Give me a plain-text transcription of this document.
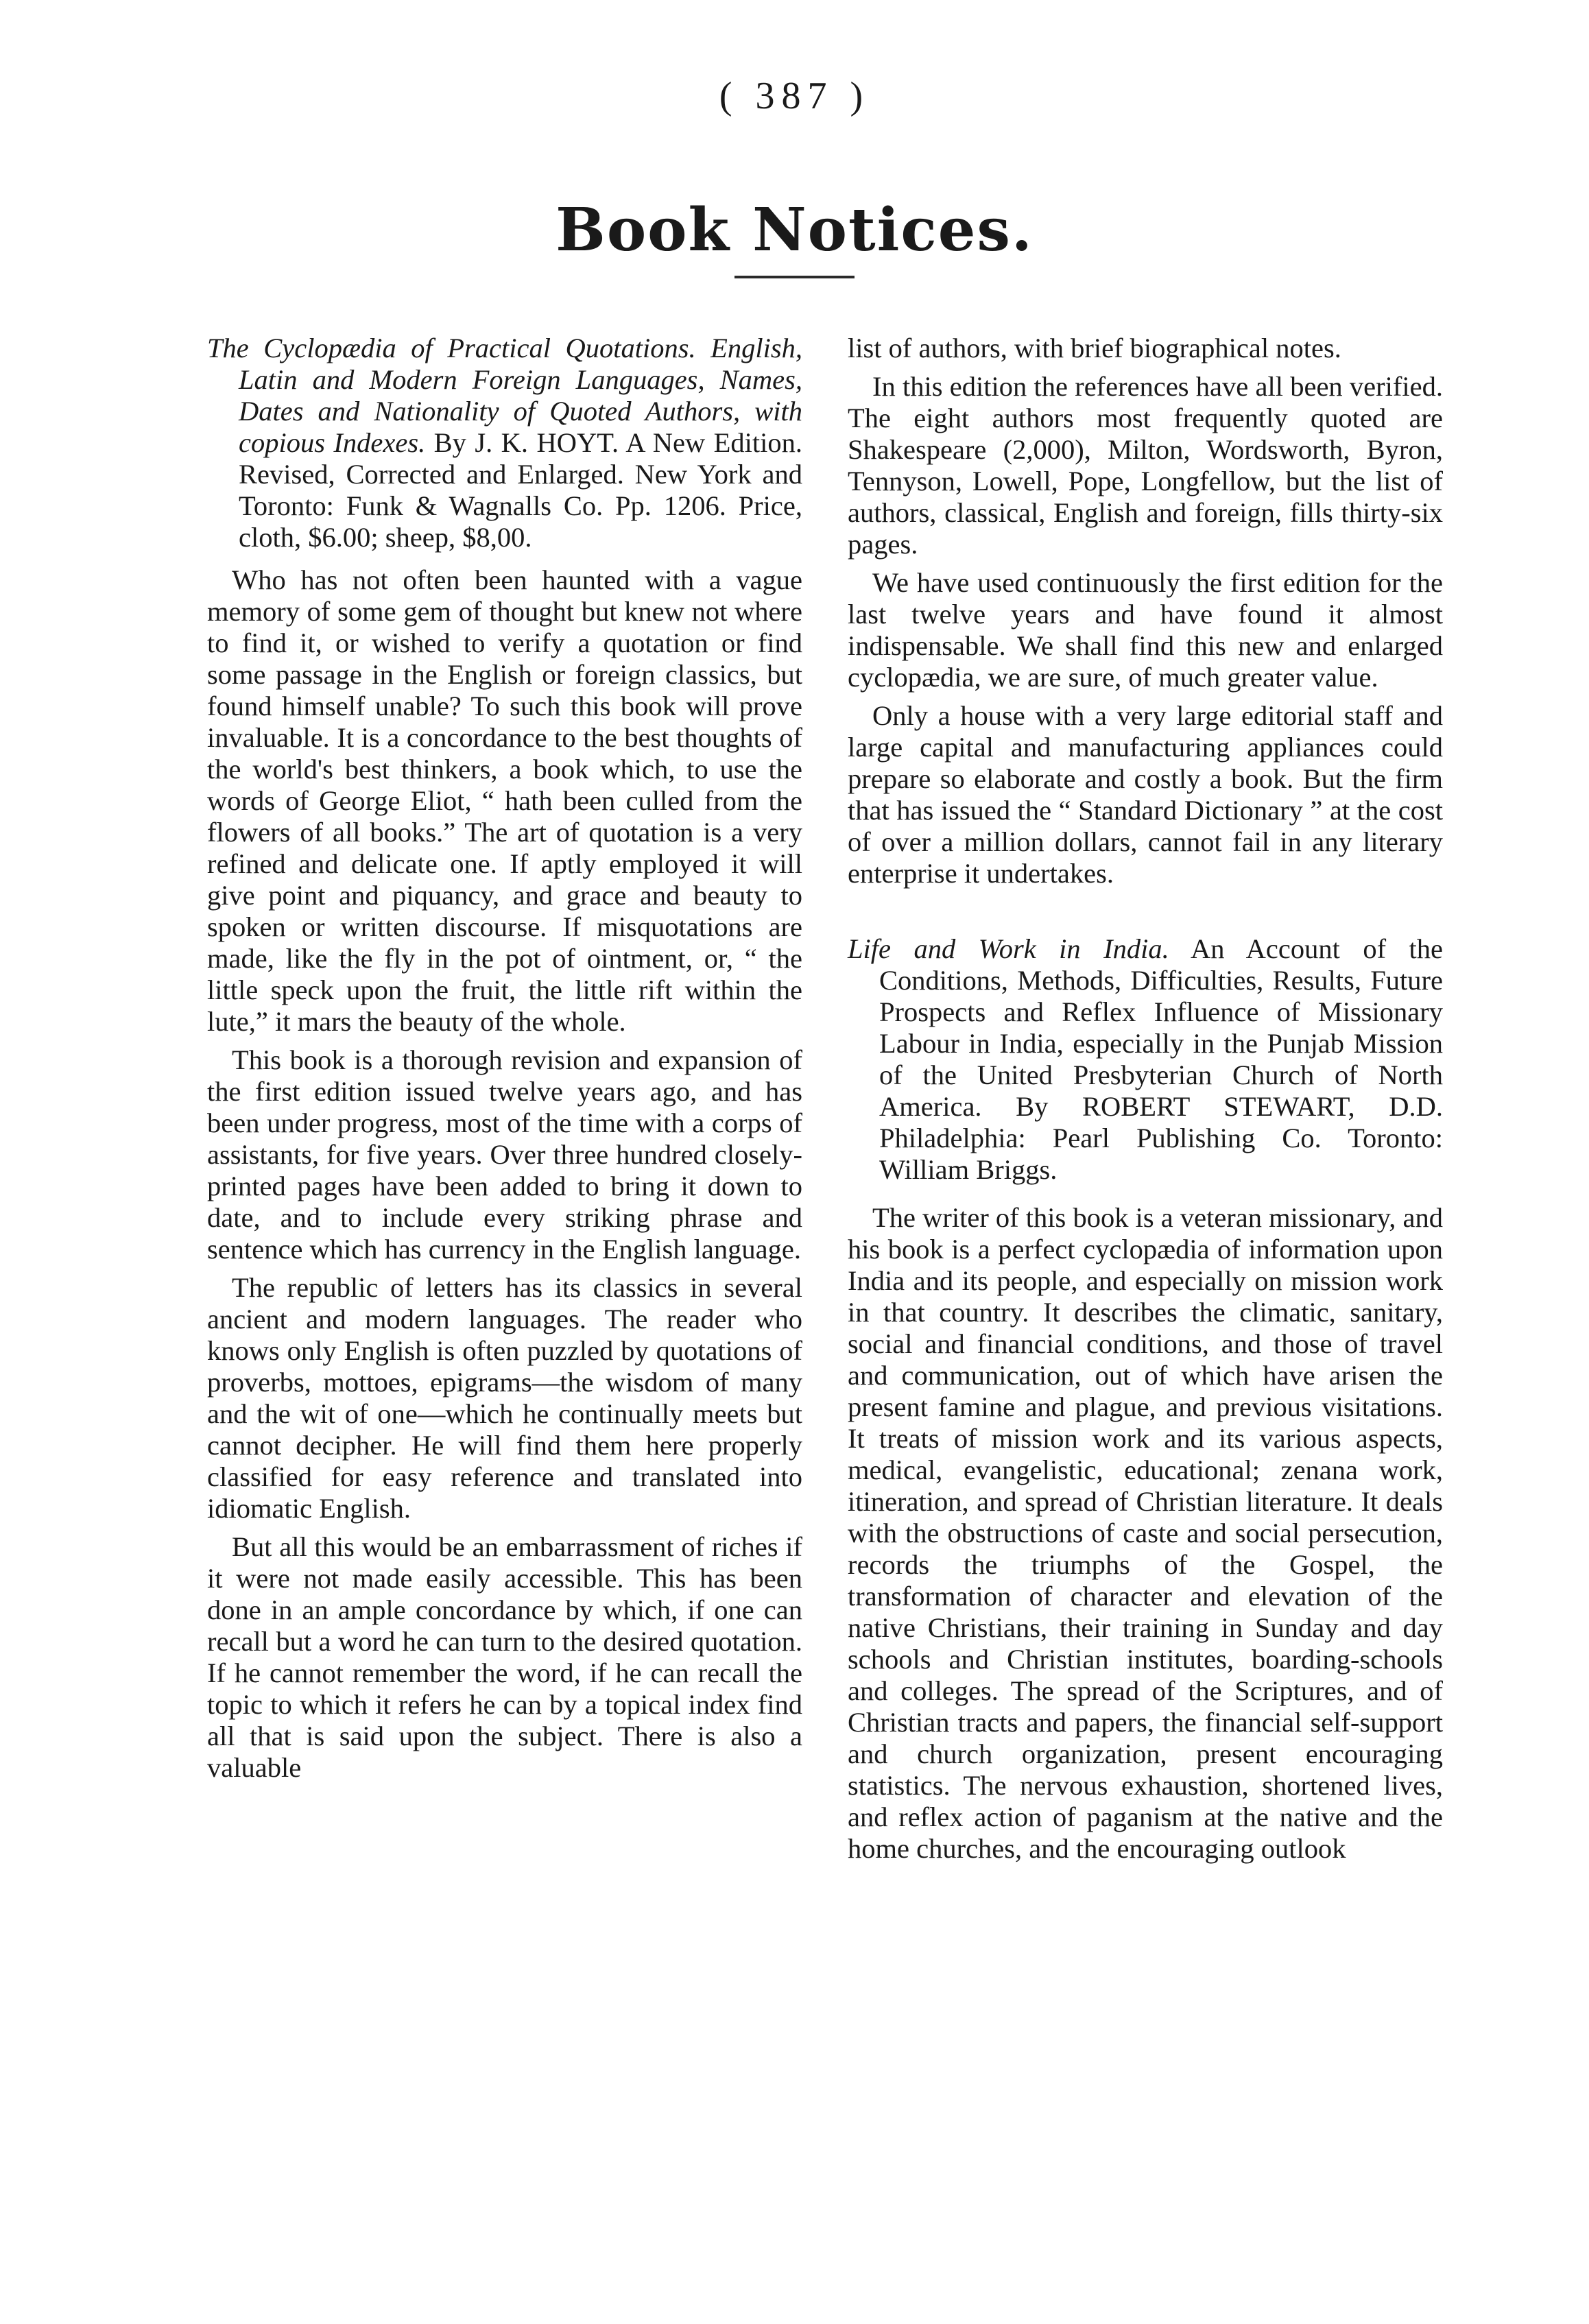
( 387 )
Book Notices.

The Cyclopædia of Practical Quotations. English, Latin and Modern Foreign Languages, Names, Dates and Nationality of Quoted Authors, with copious Indexes. By J. K. HOYT. A New Edition. Revised, Corrected and Enlarged. New York and Toronto: Funk & Wagnalls Co. Pp. 1206. Price, cloth, $6.00; sheep, $8,00.

Who has not often been haunted with a vague memory of some gem of thought but knew not where to find it, or wished to verify a quotation or find some passage in the English or foreign classics, but found himself unable? To such this book will prove invaluable. It is a concordance to the best thoughts of the world's best thinkers, a book which, to use the words of George Eliot, “ hath been culled from the flowers of all books.” The art of quotation is a very refined and delicate one. If aptly employed it will give point and piquancy, and grace and beauty to spoken or written discourse. If misquotations are made, like the fly in the pot of ointment, or, “ the little speck upon the fruit, the little rift within the lute,” it mars the beauty of the whole.

This book is a thorough revision and expansion of the first edition issued twelve years ago, and has been under progress, most of the time with a corps of assistants, for five years. Over three hundred closely-printed pages have been added to bring it down to date, and to include every striking phrase and sentence which has currency in the English language.

The republic of letters has its classics in several ancient and modern languages. The reader who knows only English is often puzzled by quotations of proverbs, mottoes, epigrams—the wisdom of many and the wit of one—which he continually meets but cannot decipher. He will find them here properly classified for easy reference and translated into idiomatic English.

But all this would be an embarrassment of riches if it were not made easily accessible. This has been done in an ample concordance by which, if one can recall but a word he can turn to the desired quotation. If he cannot remember the word, if he can recall the topic to which it refers he can by a topical index find all that is said upon the subject. There is also a valuable

list of authors, with brief biographical notes.

In this edition the references have all been verified. The eight authors most frequently quoted are Shakespeare (2,000), Milton, Wordsworth, Byron, Tennyson, Lowell, Pope, Longfellow, but the list of authors, classical, English and foreign, fills thirty-six pages.

We have used continuously the first edition for the last twelve years and have found it almost indispensable. We shall find this new and enlarged cyclopædia, we are sure, of much greater value.

Only a house with a very large editorial staff and large capital and manufacturing appliances could prepare so elaborate and costly a book. But the firm that has issued the “ Standard Dictionary ” at the cost of over a million dollars, cannot fail in any literary enterprise it undertakes.

Life and Work in India. An Account of the Conditions, Methods, Difficulties, Results, Future Prospects and Reflex Influence of Missionary Labour in India, especially in the Punjab Mission of the United Presbyterian Church of North America. By ROBERT STEWART, D.D. Philadelphia: Pearl Publishing Co. Toronto: William Briggs.

The writer of this book is a veteran missionary, and his book is a perfect cyclopædia of information upon India and its people, and especially on mission work in that country. It describes the climatic, sanitary, social and financial conditions, and those of travel and communication, out of which have arisen the present famine and plague, and previous visitations. It treats of mission work and its various aspects, medical, evangelistic, educational; zenana work, itineration, and spread of Christian literature. It deals with the obstructions of caste and social persecution, records the triumphs of the Gospel, the transformation of character and elevation of the native Christians, their training in Sunday and day schools and Christian institutes, boarding-schools and colleges. The spread of the Scriptures, and of Christian tracts and papers, the financial self-support and church organization, present encouraging statistics. The nervous exhaustion, shortened lives, and reflex action of paganism at the native and the home churches, and the encouraging outlook
